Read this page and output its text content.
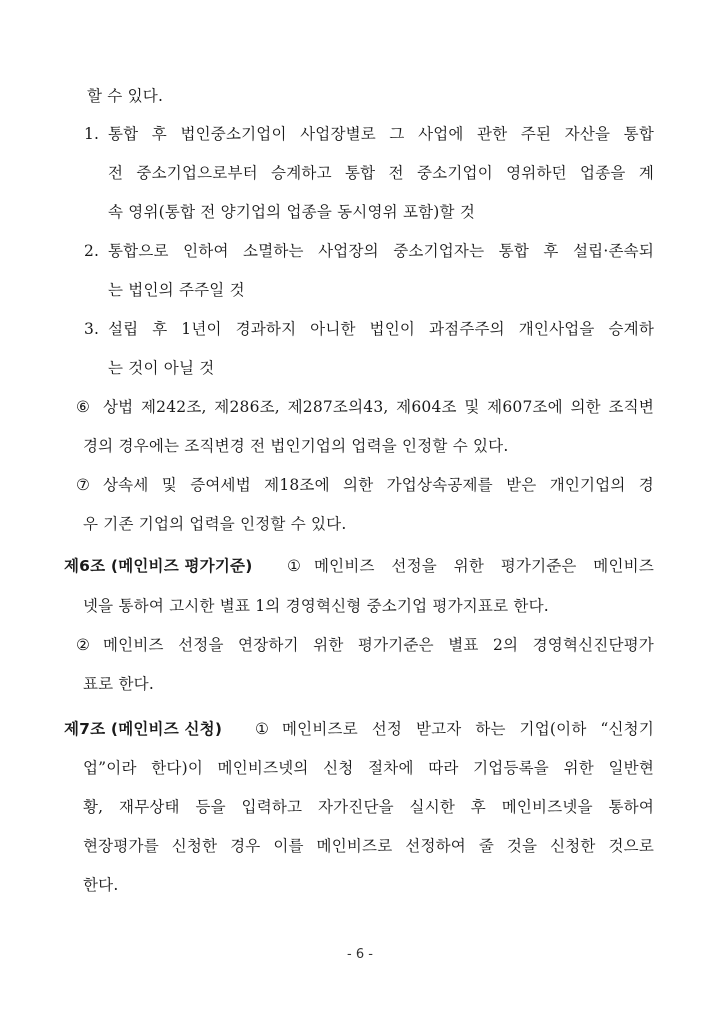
할 수 있다.
1. 통합 후 법인중소기업이 사업장별로 그 사업에 관한 주된 자산을 통합
전 중소기업으로부터 승계하고 통합 전 중소기업이 영위하던 업종을 계
속 영위(통합 전 양기업의 업종을 동시영위 포함)할 것
2. 통합으로 인하여 소멸하는 사업장의 중소기업자는 통합 후 설립·존속되
는 법인의 주주일 것
3. 설립 후 1년이 경과하지 아니한 법인이 과점주주의 개인사업을 승계하
는 것이 아닐 것
⑥ 상법 제242조, 제286조, 제287조의43, 제604조 및 제607조에 의한 조직변
경의 경우에는 조직변경 전 법인기업의 업력을 인정할 수 있다.
⑦ 상속세 및 증여세법 제18조에 의한 가업상속공제를 받은 개인기업의 경
우 기존 기업의 업력을 인정할 수 있다.
제6조 (메인비즈 평가기준) ① 메인비즈 선정을 위한 평가기준은 메인비즈
넷을 통하여 고시한 별표 1의 경영혁신형 중소기업 평가지표로 한다.
② 메인비즈 선정을 연장하기 위한 평가기준은 별표 2의 경영혁신진단평가
표로 한다.
제7조 (메인비즈 신청) ① 메인비즈로 선정 받고자 하는 기업(이하 “신청기
업”이라 한다)이 메인비즈넷의 신청 절차에 따라 기업등록을 위한 일반현
황, 재무상태 등을 입력하고 자가진단을 실시한 후 메인비즈넷을 통하여
현장평가를 신청한 경우 이를 메인비즈로 선정하여 줄 것을 신청한 것으로
한다.
- 6 -
